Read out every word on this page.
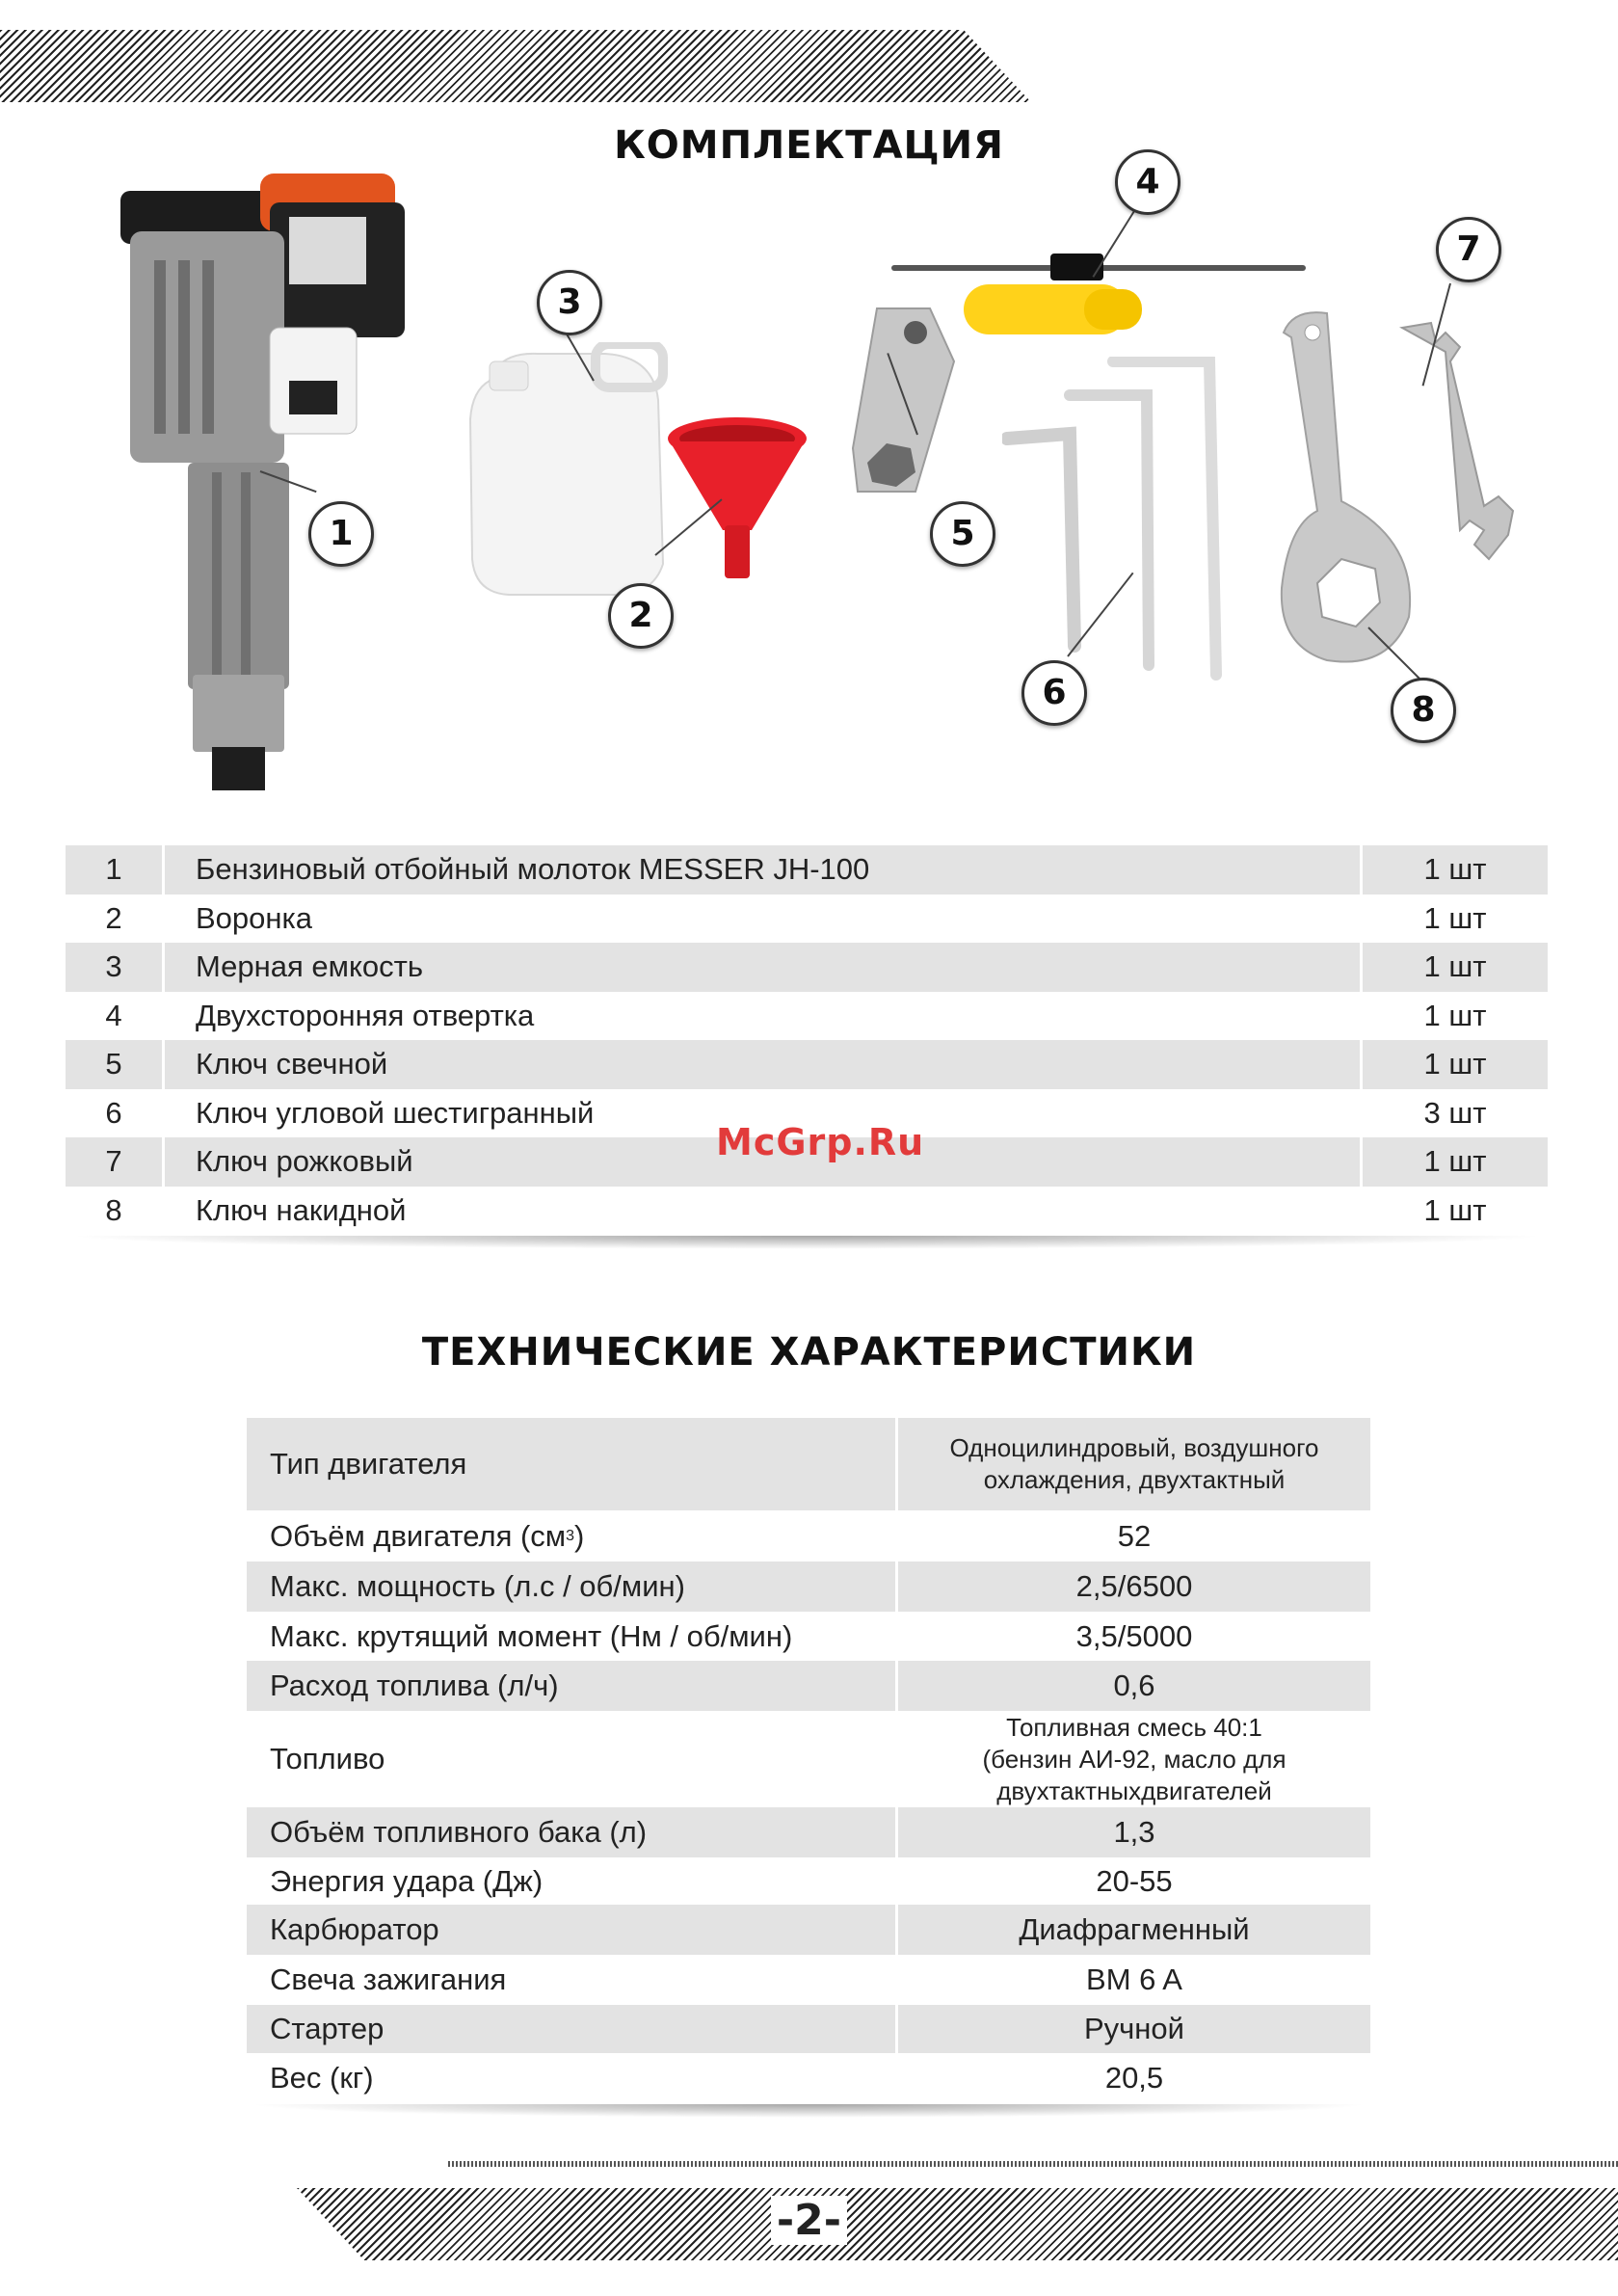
-2-
КОМПЛЕКТАЦИЯ
1
2
3
4
5
6
7
8
1	Бензиновый отбойный молоток MESSER JH-100	1 шт
2	Воронка	1 шт
3	Мерная емкость	1 шт
4	Двухсторонняя отвертка	1 шт
5	Ключ свечной	1 шт
6	Ключ угловой шестигранный	3 шт
7	Ключ рожковый	1 шт
8	Ключ накидной	1 шт
McGrp.Ru
ТЕХНИЧЕСКИЕ ХАРАКТЕРИСТИКИ
Тип двигателя	Одноцилиндровый, воздушного
охлаждения, двухтактный
Объём двигателя (см 3 )	52
Макс. мощность (л.с / об/мин)	2,5/6500
Макс. крутящий момент (Нм / об/мин)	3,5/5000
Расход топлива (л/ч)	0,6
Топливо
Топливная смесь 40:1
(бензин АИ-92, масло для
двухтактныхдвигателей
Объём топливного бака (л)	1,3
Энергия удара (Дж)	20-55
Карбюратор	Диафрагменный
Свеча зажигания	BM 6 A
Стартер	Ручной
Вес (кг)	20,5
